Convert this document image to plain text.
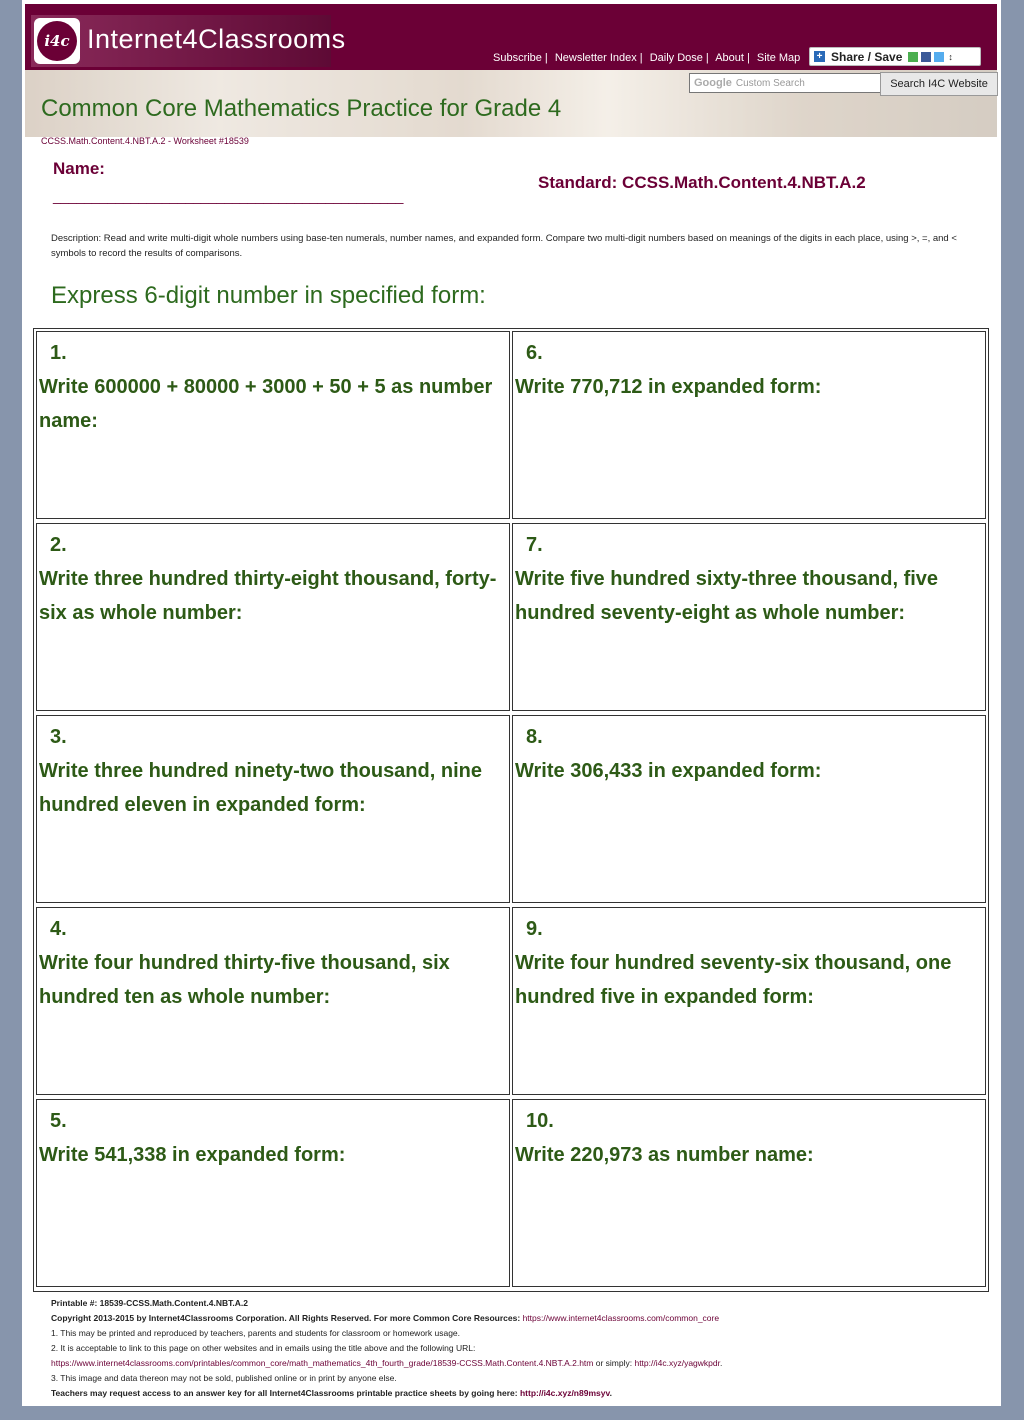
i4c Internet4Classrooms
Subscribe | Newsletter Index | Daily Dose | About | Site Map + Share / Save	↕
Google Custom Search	Search I4C Website
Common Core Mathematics Practice for Grade 4
CCSS.Math.Content.4.NBT.A.2 - Worksheet #18539
Name:
_____________________________________________
Standard: CCSS.Math.Content.4.NBT.A.2
Description: Read and write multi-digit whole numbers using base-ten numerals, number names, and expanded form. Compare two multi-digit numbers based on meanings of the digits in each place, using >, =, and < symbols to record the results of comparisons.
Express 6-digit number in specified form:
1.
Write 600000 + 80000 + 3000 + 50 + 5 as number name:
2.
Write three hundred thirty-eight thousand, forty-six as whole number:
3.
Write three hundred ninety-two thousand, nine hundred eleven in expanded form:
4.
Write four hundred thirty-five thousand, six hundred ten as whole number:
5.
Write 541,338 in expanded form:
6.
Write 770,712 in expanded form:
7.
Write five hundred sixty-three thousand, five hundred seventy-eight as whole number:
8.
Write 306,433 in expanded form:
9.
Write four hundred seventy-six thousand, one hundred five in expanded form:
10.
Write 220,973 as number name:
Printable #: 18539-CCSS.Math.Content.4.NBT.A.2
Copyright 2013-2015 by Internet4Classrooms Corporation. All Rights Reserved. For more Common Core Resources: https://www.internet4classrooms.com/common_core
1. This may be printed and reproduced by teachers, parents and students for classroom or homework usage.
2. It is acceptable to link to this page on other websites and in emails using the title above and the following URL:
https://www.internet4classrooms.com/printables/common_core/math_mathematics_4th_fourth_grade/18539-CCSS.Math.Content.4.NBT.A.2.htm or simply: http://i4c.xyz/yagwkpdr.
3. This image and data thereon may not be sold, published online or in print by anyone else.
Teachers may request access to an answer key for all Internet4Classrooms printable practice sheets by going here: http://i4c.xyz/n89msyv.
